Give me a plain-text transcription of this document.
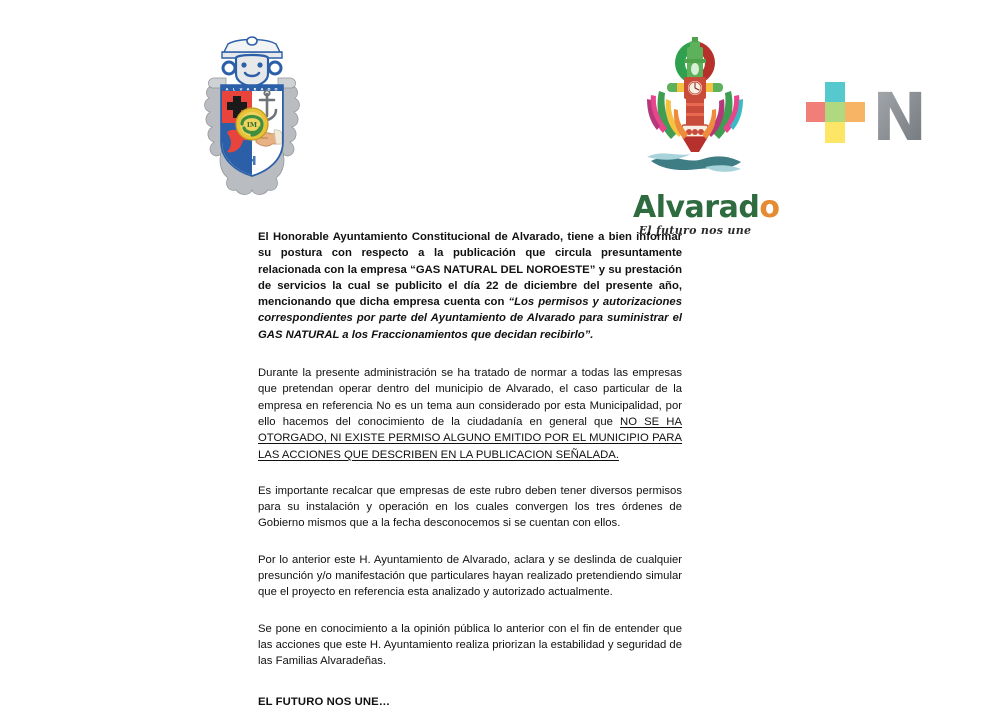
A L V A R A D O
IM
Alvarado
El futuro nos une
N

El Honorable Ayuntamiento Constitucional de Alvarado, tiene a bien informar su postura con respecto a la publicación que circula presuntamente relacionada con la empresa “GAS NATURAL DEL NOROESTE” y su prestación de servicios la cual se publicito el día 22 de diciembre del presente año, mencionando que dicha empresa cuenta con “Los permisos y autorizaciones correspondientes por parte del Ayuntamiento de Alvarado para suministrar el GAS NATURAL a los Fraccionamientos que decidan recibirlo”.

Durante la presente administración se ha tratado de normar a todas las empresas que pretendan operar dentro del municipio de Alvarado, el caso particular de la empresa en referencia No es un tema aun considerado por esta Municipalidad, por ello hacemos del conocimiento de la ciudadanía en general que NO SE HA OTORGADO, NI EXISTE PERMISO ALGUNO EMITIDO POR EL MUNICIPIO PARA LAS ACCIONES QUE DESCRIBEN EN LA PUBLICACION SEÑALADA.

Es importante recalcar que empresas de este rubro deben tener diversos permisos para su instalación y operación en los cuales convergen los tres órdenes de Gobierno mismos que a la fecha desconocemos si se cuentan con ellos.

Por lo anterior este H. Ayuntamiento de Alvarado, aclara y se deslinda de cualquier presunción y/o manifestación que particulares hayan realizado pretendiendo simular que el proyecto en referencia esta analizado y autorizado actualmente.

Se pone en conocimiento a la opinión pública lo anterior con el fin de entender que las acciones que este H. Ayuntamiento realiza priorizan la estabilidad y seguridad de las Familias Alvaradeñas.

EL FUTURO NOS UNE…
